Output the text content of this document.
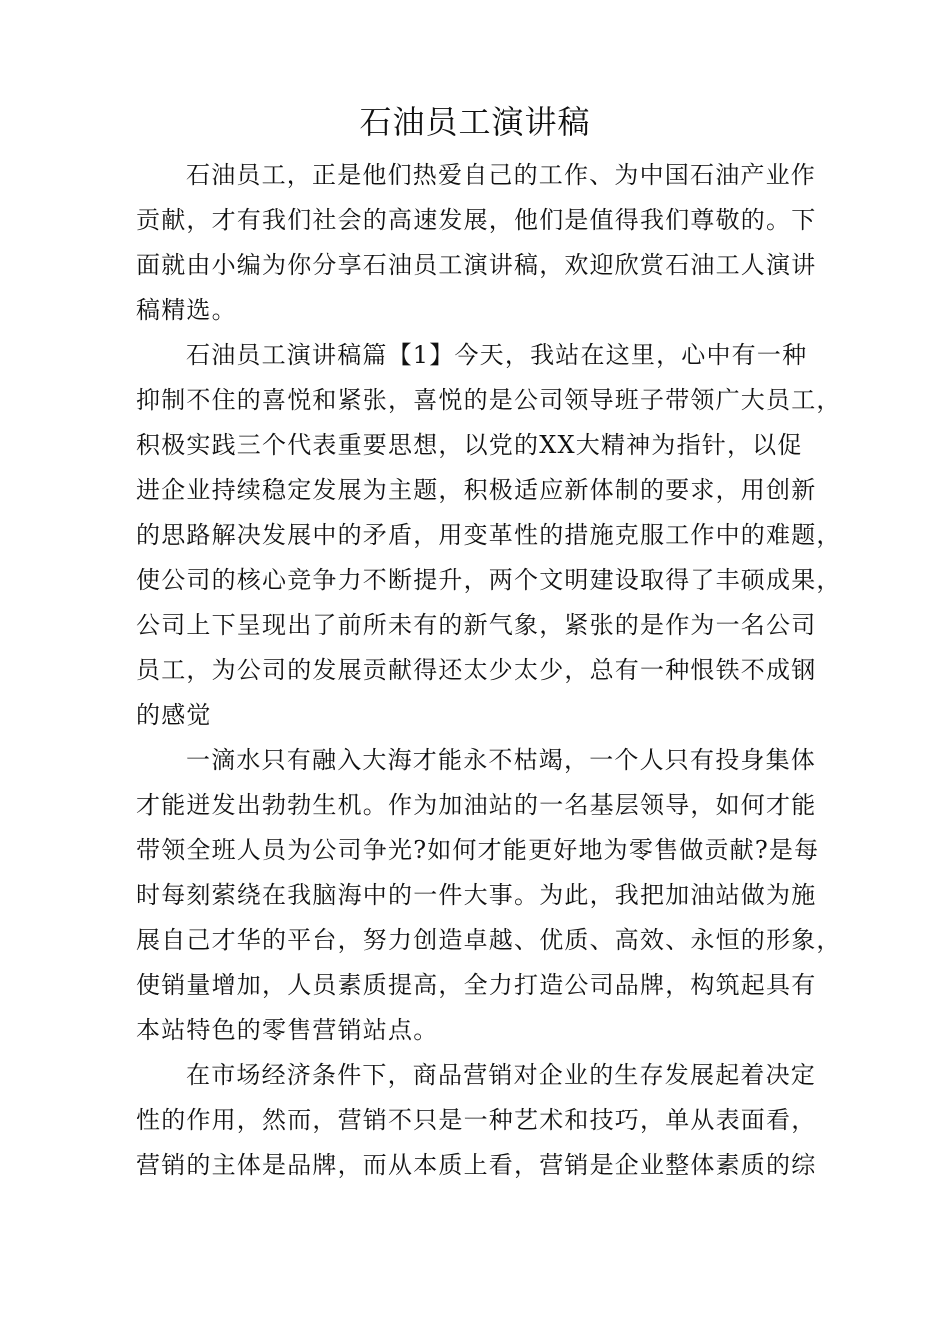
石油员工演讲稿
石油员工，正是他们热爱自己的工作、为中国石油产业作
贡献，才有我们社会的高速发展，他们是值得我们尊敬的。下
面就由小编为你分享石油员工演讲稿，欢迎欣赏石油工人演讲
稿精选。
石油员工演讲稿篇【1】今天，我站在这里，心中有一种
抑制不住的喜悦和紧张，喜悦的是公司领导班子带领广大员工，
积极实践三个代表重要思想，以党的XX大精神为指针，以促
进企业持续稳定发展为主题，积极适应新体制的要求，用创新
的思路解决发展中的矛盾，用变革性的措施克服工作中的难题，
使公司的核心竞争力不断提升，两个文明建设取得了丰硕成果，
公司上下呈现出了前所未有的新气象，紧张的是作为一名公司
员工，为公司的发展贡献得还太少太少，总有一种恨铁不成钢
的感觉
一滴水只有融入大海才能永不枯竭，一个人只有投身集体
才能迸发出勃勃生机。作为加油站的一名基层领导，如何才能
带领全班人员为公司争光?如何才能更好地为零售做贡献?是每
时每刻萦绕在我脑海中的一件大事。为此，我把加油站做为施
展自己才华的平台，努力创造卓越、优质、高效、永恒的形象，
使销量增加，人员素质提高，全力打造公司品牌，构筑起具有
本站特色的零售营销站点。
在市场经济条件下，商品营销对企业的生存发展起着决定
性的作用，然而，营销不只是一种艺术和技巧，单从表面看，
营销的主体是品牌，而从本质上看，营销是企业整体素质的综
